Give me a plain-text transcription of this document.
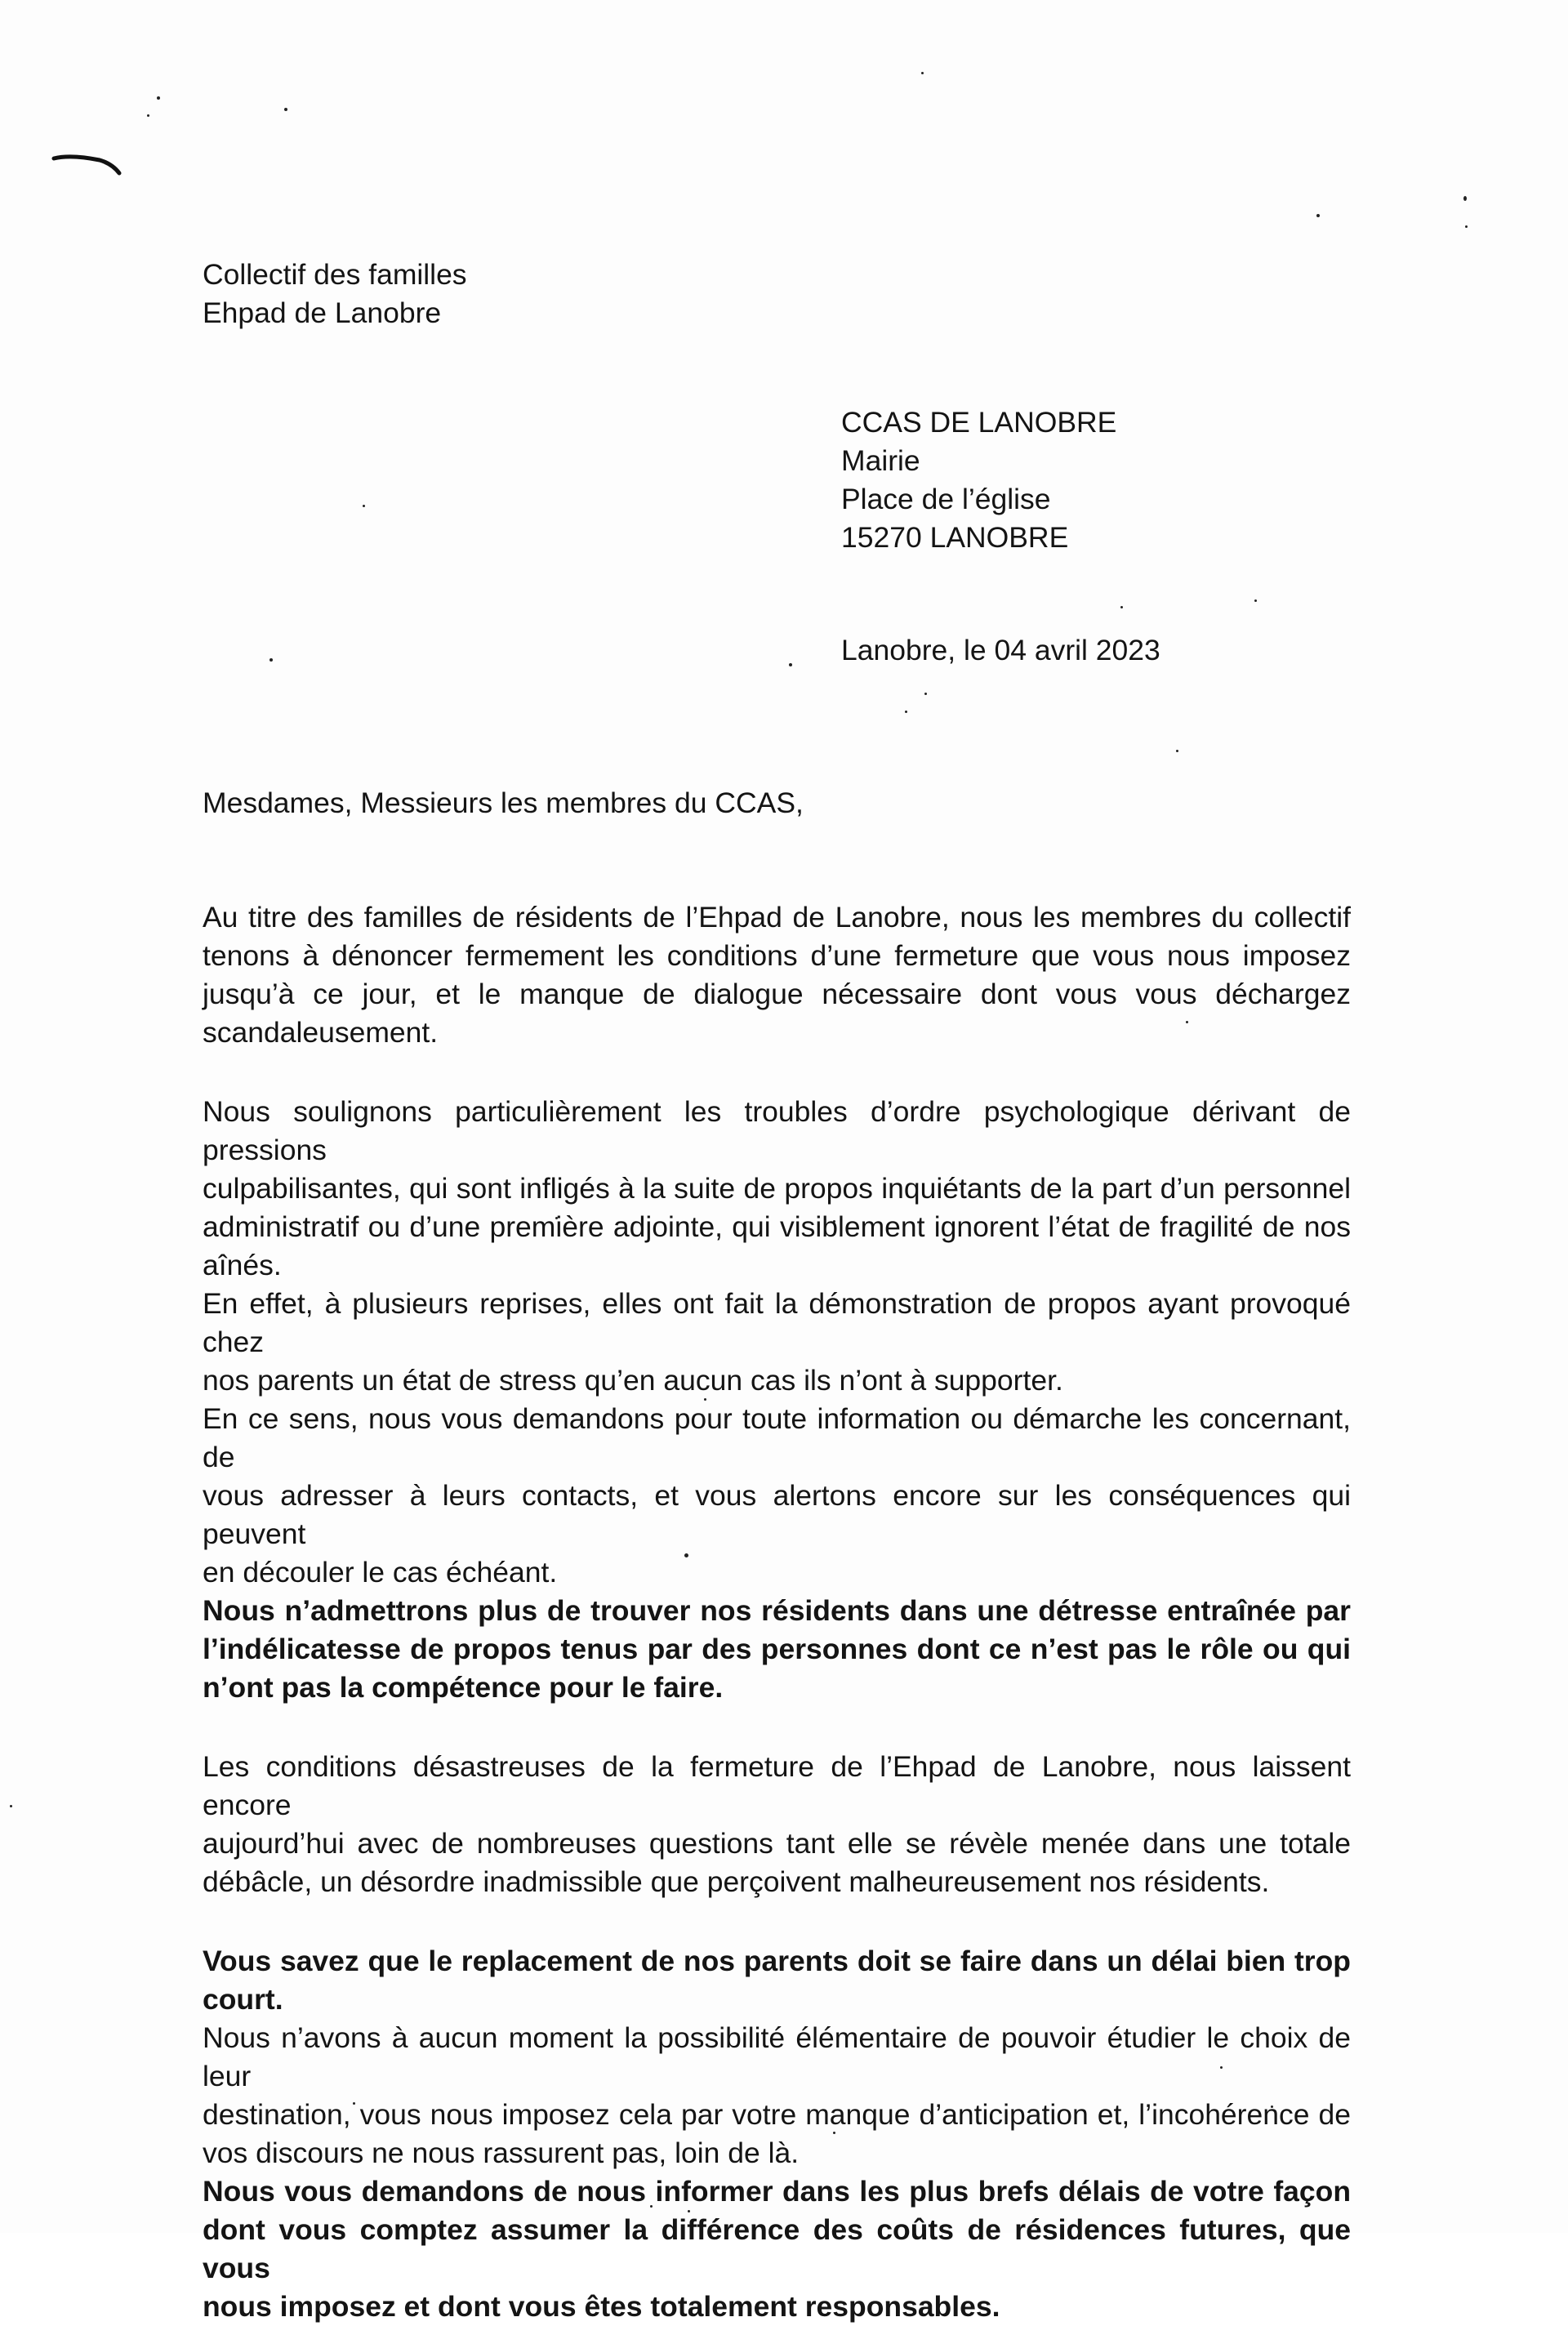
Collectif des familles
Ehpad de Lanobre
CCAS DE LANOBRE
Mairie
Place de l’église
15270 LANOBRE
Lanobre, le 04 avril 2023
Mesdames, Messieurs les membres du CCAS,
Au titre des familles de résidents de l’Ehpad de Lanobre, nous les membres du collectif
tenons à dénoncer fermement les conditions d’une fermeture que vous nous imposez
jusqu’à ce jour, et le manque de dialogue nécessaire dont vous vous déchargez
scandaleusement.
Nous soulignons particulièrement les troubles d’ordre psychologique dérivant de pressions
culpabilisantes, qui sont infligés à la suite de propos inquiétants de la part d’un personnel
administratif ou d’une première adjointe, qui visiblement ignorent l’état de fragilité de nos
aînés.
En effet, à plusieurs reprises, elles ont fait la démonstration de propos ayant provoqué chez
nos parents un état de stress qu’en aucun cas ils n’ont à supporter.
En ce sens, nous vous demandons pour toute information ou démarche les concernant, de
vous adresser à leurs contacts, et vous alertons encore sur les conséquences qui peuvent
en découler le cas échéant.
Nous n’admettrons plus de trouver nos résidents dans une détresse entraînée par
l’indélicatesse de propos tenus par des personnes dont ce n’est pas le rôle ou qui
n’ont pas la compétence pour le faire.
Les conditions désastreuses de la fermeture de l’Ehpad de Lanobre, nous laissent encore
aujourd’hui avec de nombreuses questions tant elle se révèle menée dans une totale
débâcle, un désordre inadmissible que perçoivent malheureusement nos résidents.
Vous savez que le replacement de nos parents doit se faire dans un délai bien trop
court.
Nous n’avons à aucun moment la possibilité élémentaire de pouvoir étudier le choix de leur
destination, vous nous imposez cela par votre manque d’anticipation et, l’incohérence de
vos discours ne nous rassurent pas, loin de là.
Nous vous demandons de nous informer dans les plus brefs délais de votre façon
dont vous comptez assumer la différence des coûts de résidences futures, que vous
nous imposez et dont vous êtes totalement responsables.
